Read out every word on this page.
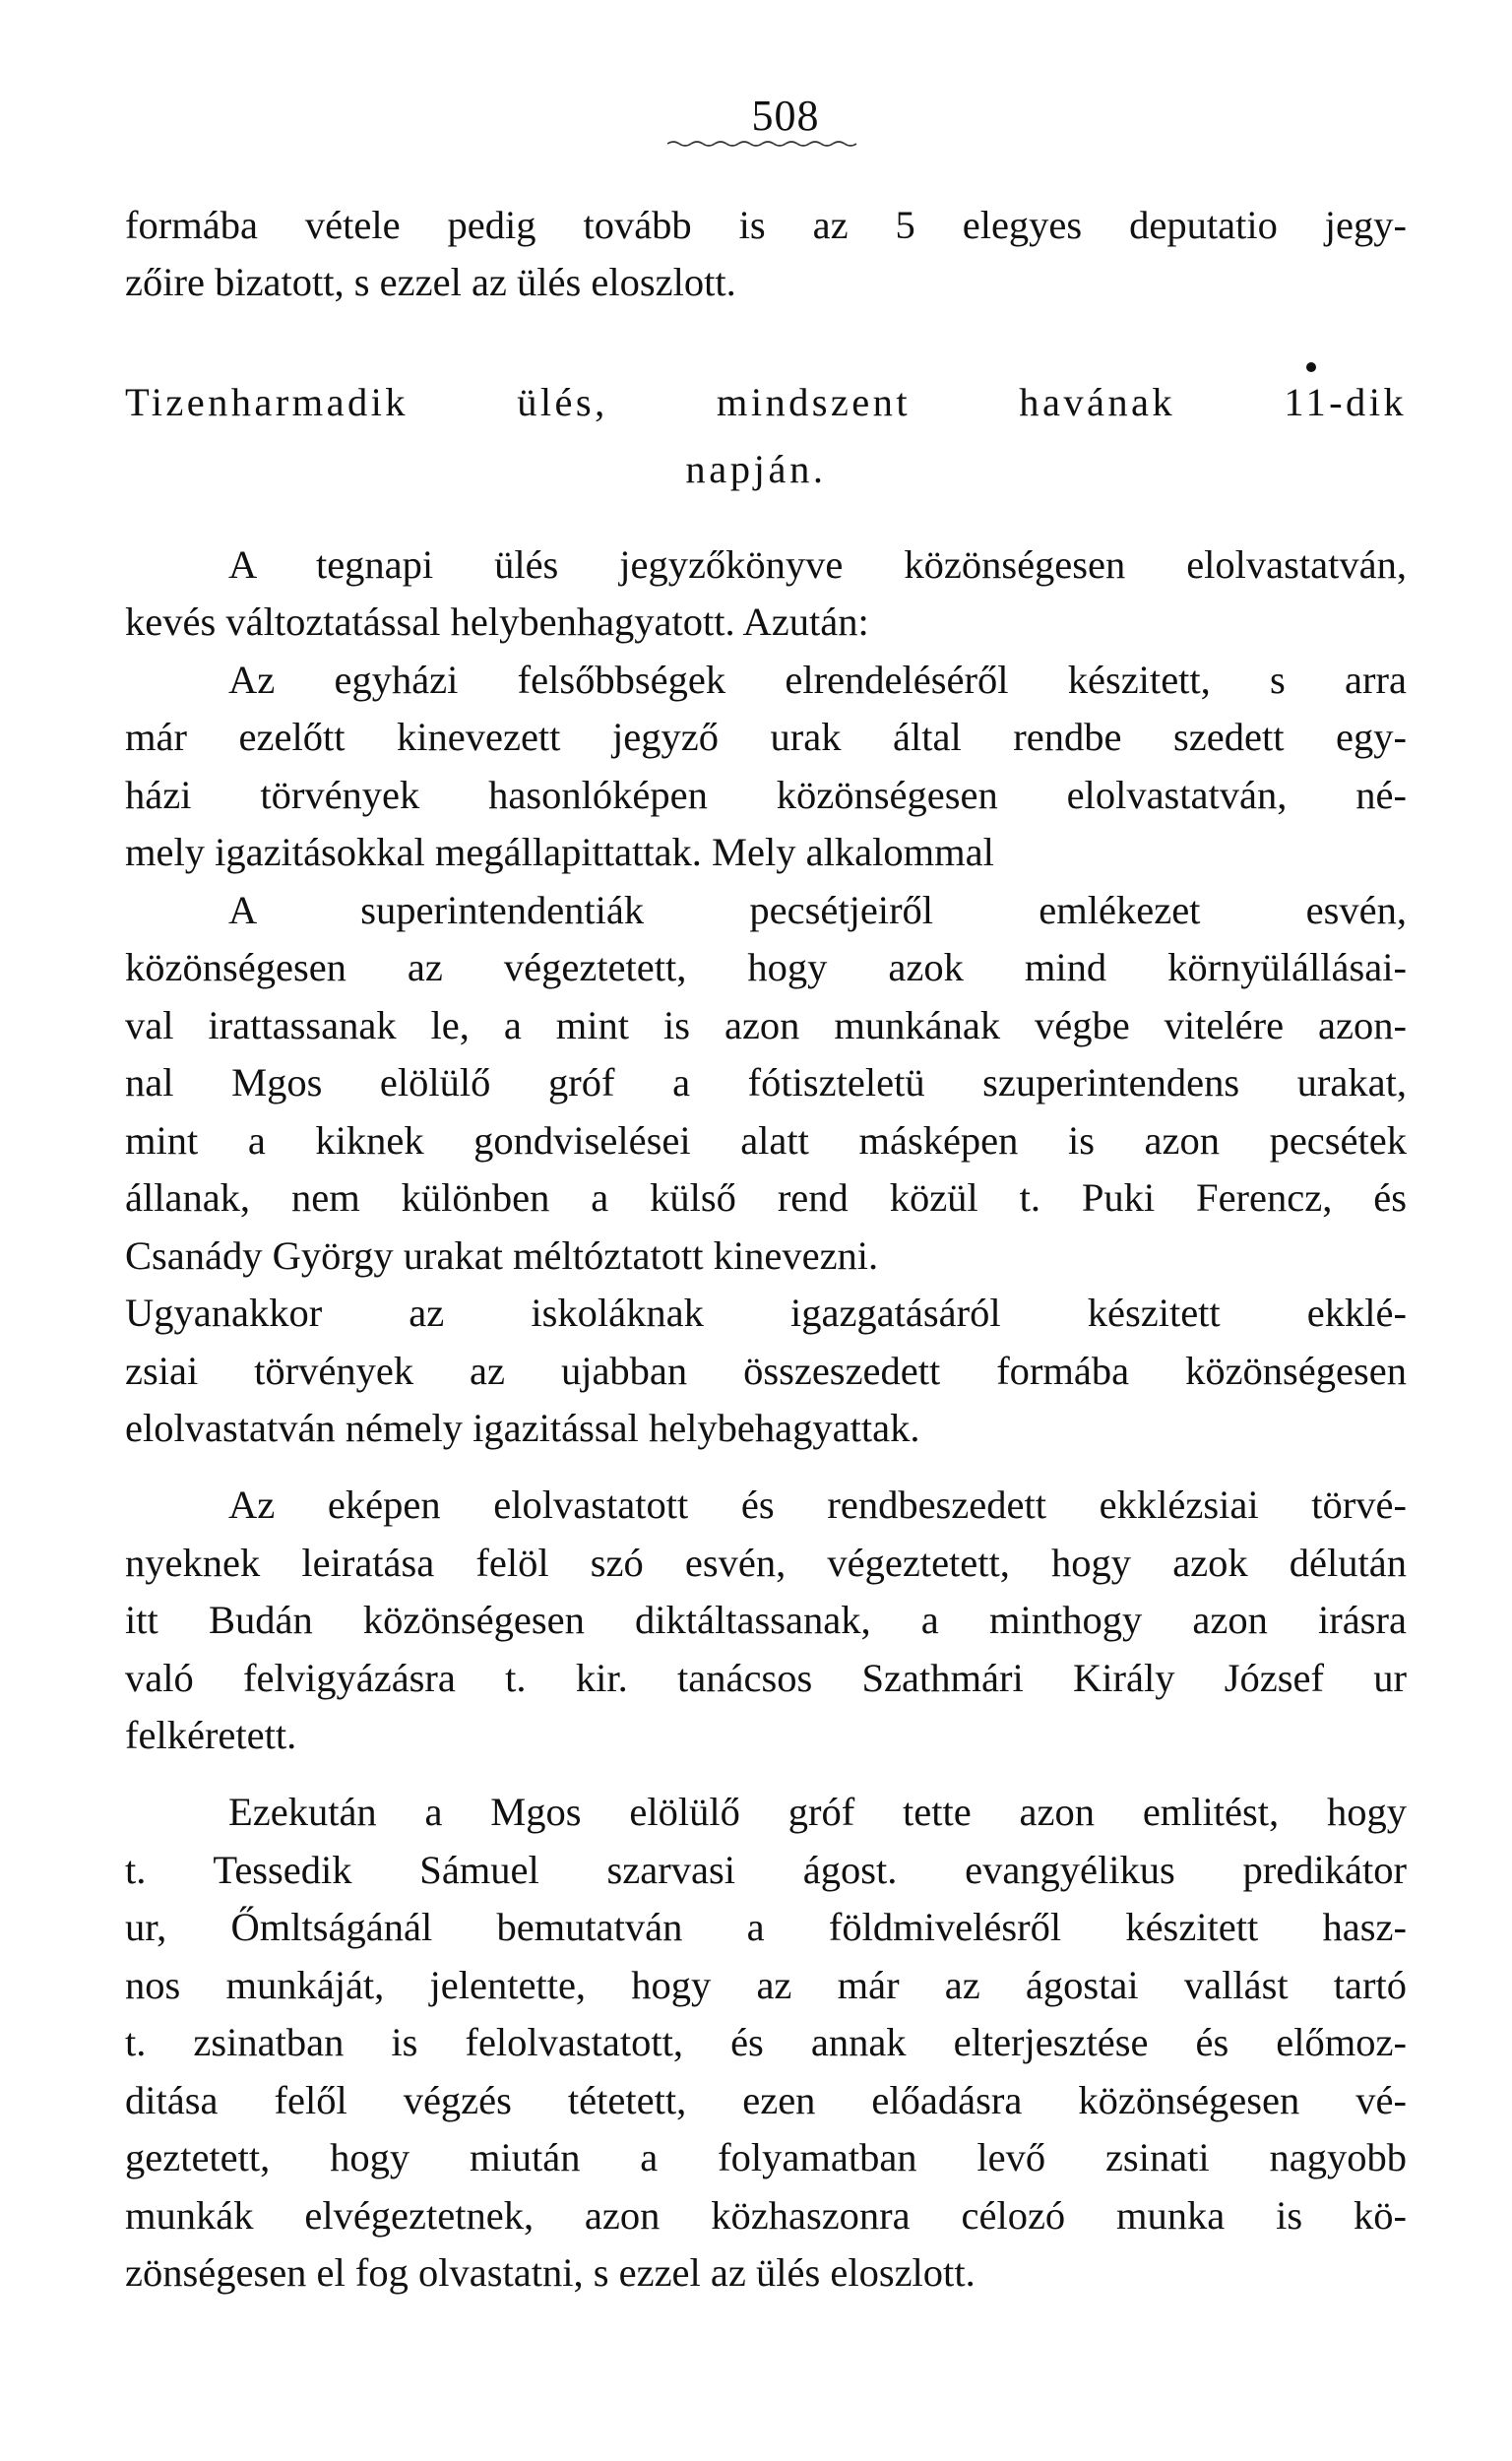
508
formába vétele pedig tovább is az 5 elegyes deputatio jegy-
zőire bizatott, s ezzel az ülés eloszlott.
Tizenharmadik ülés, mindszent havának 11-dik
napján.
A tegnapi ülés jegyzőkönyve közönségesen elolvastatván,
kevés változtatással helybenhagyatott. Azután:
Az egyházi felsőbbségek elrendeléséről készitett, s arra
már ezelőtt kinevezett jegyző urak által rendbe szedett egy-
házi törvények hasonlóképen közönségesen elolvastatván, né-
mely igazitásokkal megállapittattak. Mely alkalommal
A superintendentiák pecsétjeiről emlékezet esvén,
közönségesen az végeztetett, hogy azok mind környülállásai-
val irattassanak le, a mint is azon munkának végbe vitelére azon-
nal Mgos elölülő gróf a fótiszteletü szuperintendens urakat,
mint a kiknek gondviselései alatt másképen is azon pecsétek
állanak, nem különben a külső rend közül t. Puki Ferencz, és
Csanády György urakat méltóztatott kinevezni.
Ugyanakkor az iskoláknak igazgatásáról készitett ekklé-
zsiai törvények az ujabban összeszedett formába közönségesen
elolvastatván némely igazitással helybehagyattak.
Az eképen elolvastatott és rendbeszedett ekklézsiai törvé-
nyeknek leiratása felöl szó esvén, végeztetett, hogy azok délután
itt Budán közönségesen diktáltassanak, a minthogy azon irásra
való felvigyázásra t. kir. tanácsos Szathmári Király József ur
felkéretett.
Ezekután a Mgos elölülő gróf tette azon emlitést, hogy
t. Tessedik Sámuel szarvasi ágost. evangyélikus predikátor
ur, Őmltságánál bemutatván a földmivelésről készitett hasz-
nos munkáját, jelentette, hogy az már az ágostai vallást tartó
t. zsinatban is felolvastatott, és annak elterjesztése és előmoz-
ditása felől végzés tétetett, ezen előadásra közönségesen vé-
geztetett, hogy miután a folyamatban levő zsinati nagyobb
munkák elvégeztetnek, azon közhaszonra célozó munka is kö-
zönségesen el fog olvastatni, s ezzel az ülés eloszlott.
